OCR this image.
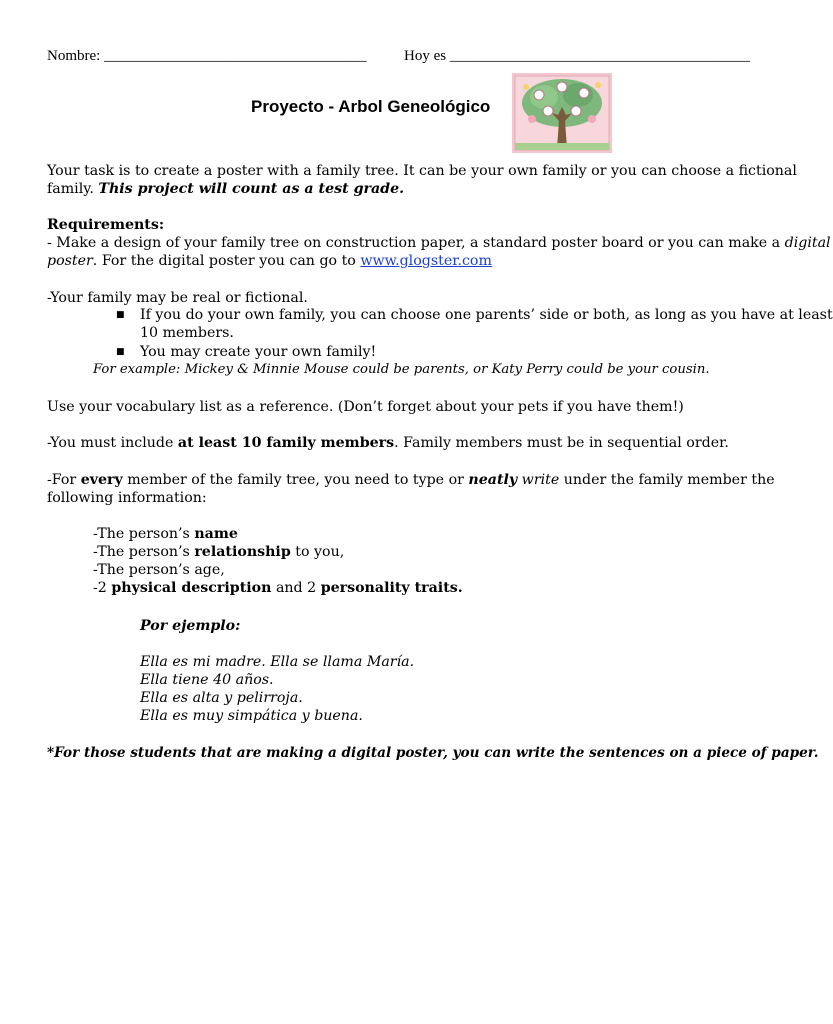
Nombre: ___________________________________ Hoy es ________________________________________
Proyecto - Arbol Geneológico
Your task is to create a poster with a family tree. It can be your own family or you can choose a fictional
family. This project will count as a test grade.
Requirements:
- Make a design of your family tree on construction paper, a standard poster board or you can make a digital
poster. For the digital poster you can go to www.glogster.com
-Your family may be real or fictional.
■ If you do your own family, you can choose one parents’ side or both, as long as you have at least
10 members.
■ You may create your own family!
For example: Mickey & Minnie Mouse could be parents, or Katy Perry could be your cousin.
Use your vocabulary list as a reference. (Don’t forget about your pets if you have them!)
-You must include at least 10 family members. Family members must be in sequential order.
-For every member of the family tree, you need to type or neatly write under the family member the
following information:
-The person’s name
-The person’s relationship to you,
-The person’s age,
-2 physical description and 2 personality traits.
Por ejemplo:
Ella es mi madre. Ella se llama María.
Ella tiene 40 años.
Ella es alta y pelirroja.
Ella es muy simpática y buena.
*For those students that are making a digital poster, you can write the sentences on a piece of paper.
